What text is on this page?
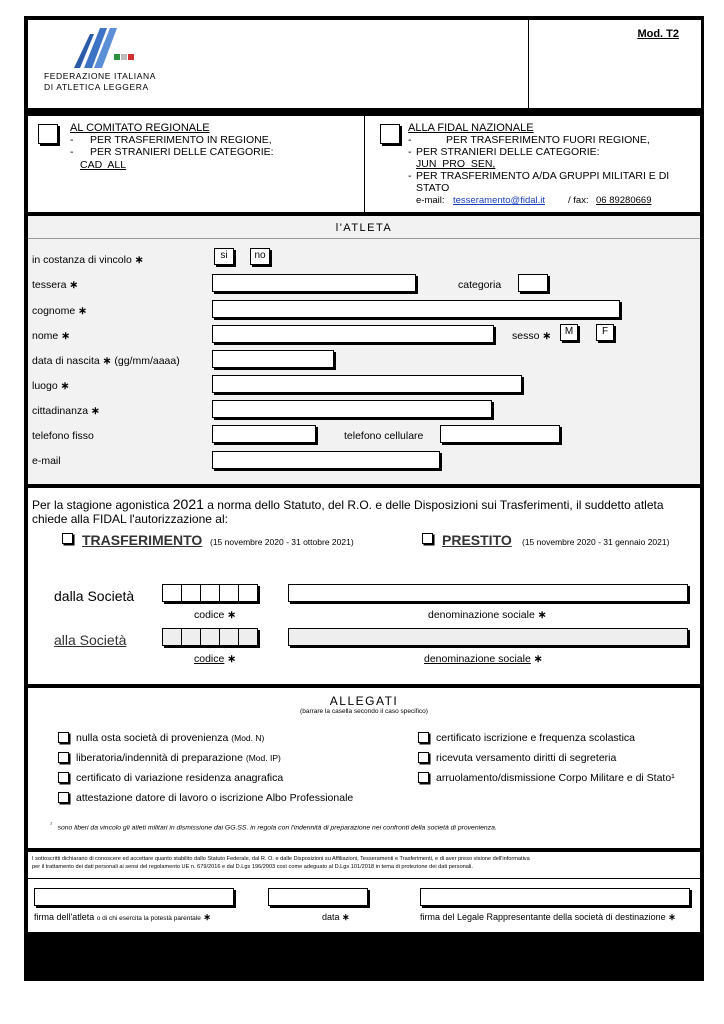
FEDERAZIONE ITALIANA
DI ATLETICA LEGGERA
Mod. T2
AL COMITATO REGIONALE
- PER TRASFERIMENTO IN REGIONE,
- PER STRANIERI DELLE CATEGORIE:
CAD  ALL
ALLA FIDAL NAZIONALE
-	PER TRASFERIMENTO FUORI REGIONE,
- PER STRANIERI DELLE CATEGORIE:
JUN  PRO  SEN,
- PER TRASFERIMENTO A/DA GRUPPI MILITARI E DI
STATO
e-mail: tesseramento@fidal.it / fax: 06 89280669
l'ATLETA
in costanza di vincolo ∗	si	no
tessera ∗	categoria
cognome ∗
nome ∗	sesso ∗	M	F
data di nascita ∗ (gg/mm/aaaa)
luogo ∗
cittadinanza ∗
telefono fisso	telefono cellulare
e-mail
Per la stagione agonistica 2021 a norma dello Statuto, del R.O. e delle Disposizioni sui Trasferimenti, il suddetto atleta
chiede alla FIDAL l'autorizzazione al:
TRASFERIMENTO (15 novembre 2020 - 31 ottobre 2021)	PRESTITO (15 novembre 2020 - 31 gennaio 2021)
dalla Società
codice ∗	denominazione sociale ∗
alla Società
codice ∗	denominazione sociale ∗
ALLEGATI
(barrare la casella secondo il caso specifico)
nulla osta società di provenienza (Mod. N)
liberatoria/indennità di preparazione (Mod. IP)
certificato di variazione residenza anagrafica
attestazione datore di lavoro o iscrizione Albo Professionale
certificato iscrizione e frequenza scolastica
ricevuta versamento diritti di segreteria
arruolamento/dismissione Corpo Militare e di Stato¹
$^{^1}$ sono liberi da vincolo gli atleti militari in dismissione dai GG.SS. in regola con l'indennità di preparazione nei confronti della società di provenienza.
I sottoscritti dichiarano di conoscere ed accettare quanto stabilito dallo Statuto Federale, dal R. O. e dalle Disposizioni su Affiliazioni, Tesseramenti e Trasferimenti, e di aver preso visione dell'informativa
per il trattamento dei dati personali ai sensi del regolamento UE n. 679/2016 e dal D.Lgs 196/2003 così come adeguato al D.Lgs 101/2018 in tema di protezione dei dati personali.
firma dell'atleta o di chi esercita la potestà parentale ∗	data ∗	firma del Legale Rappresentante della società di destinazione ∗
